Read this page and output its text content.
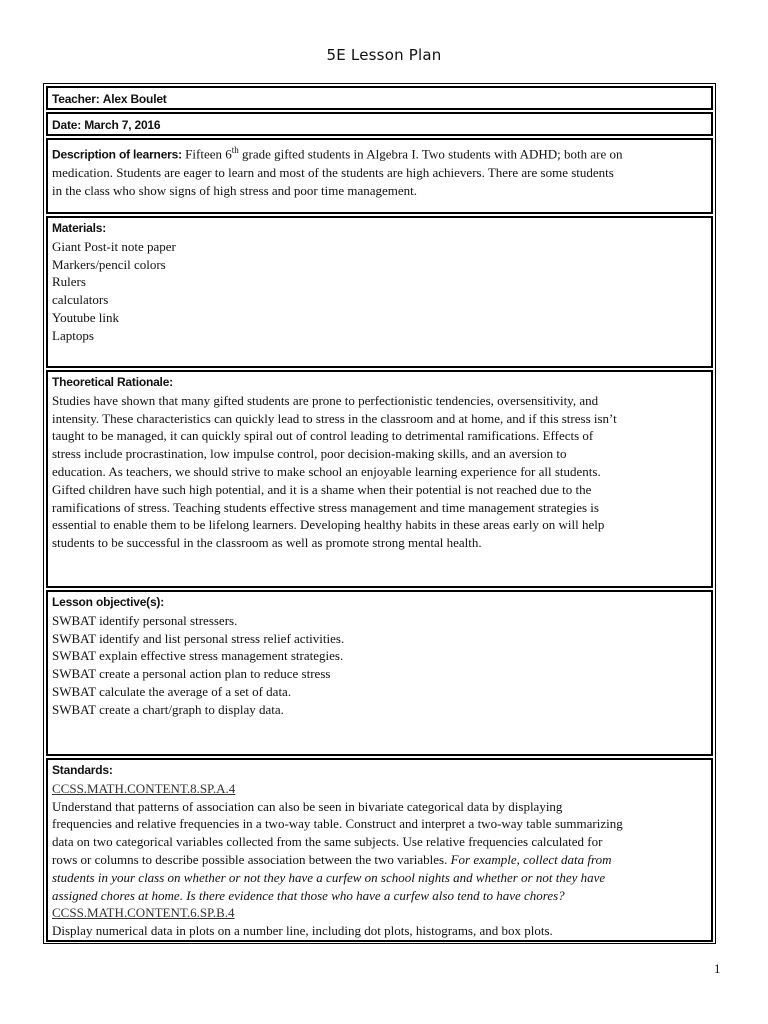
5E Lesson Plan
Teacher: Alex Boulet
Date: March 7, 2016
Description of learners: Fifteen 6th grade gifted students in Algebra I. Two students with ADHD; both are on
medication. Students are eager to learn and most of the students are high achievers. There are some students
in the class who show signs of high stress and poor time management.
Materials:
Giant Post-it note paper
Markers/pencil colors
Rulers
calculators
Youtube link
Laptops
Theoretical Rationale:
Studies have shown that many gifted students are prone to perfectionistic tendencies, oversensitivity, and
intensity. These characteristics can quickly lead to stress in the classroom and at home, and if this stress isn’t
taught to be managed, it can quickly spiral out of control leading to detrimental ramifications. Effects of
stress include procrastination, low impulse control, poor decision-making skills, and an aversion to
education. As teachers, we should strive to make school an enjoyable learning experience for all students.
Gifted children have such high potential, and it is a shame when their potential is not reached due to the
ramifications of stress. Teaching students effective stress management and time management strategies is
essential to enable them to be lifelong learners. Developing healthy habits in these areas early on will help
students to be successful in the classroom as well as promote strong mental health.
Lesson objective(s):
SWBAT identify personal stressers.
SWBAT identify and list personal stress relief activities.
SWBAT explain effective stress management strategies.
SWBAT create a personal action plan to reduce stress
SWBAT calculate the average of a set of data.
SWBAT create a chart/graph to display data.
Standards:
CCSS.MATH.CONTENT.8.SP.A.4
Understand that patterns of association can also be seen in bivariate categorical data by displaying
frequencies and relative frequencies in a two-way table. Construct and interpret a two-way table summarizing
data on two categorical variables collected from the same subjects. Use relative frequencies calculated for
rows or columns to describe possible association between the two variables. For example, collect data from
students in your class on whether or not they have a curfew on school nights and whether or not they have
assigned chores at home. Is there evidence that those who have a curfew also tend to have chores?
CCSS.MATH.CONTENT.6.SP.B.4
Display numerical data in plots on a number line, including dot plots, histograms, and box plots.
1
